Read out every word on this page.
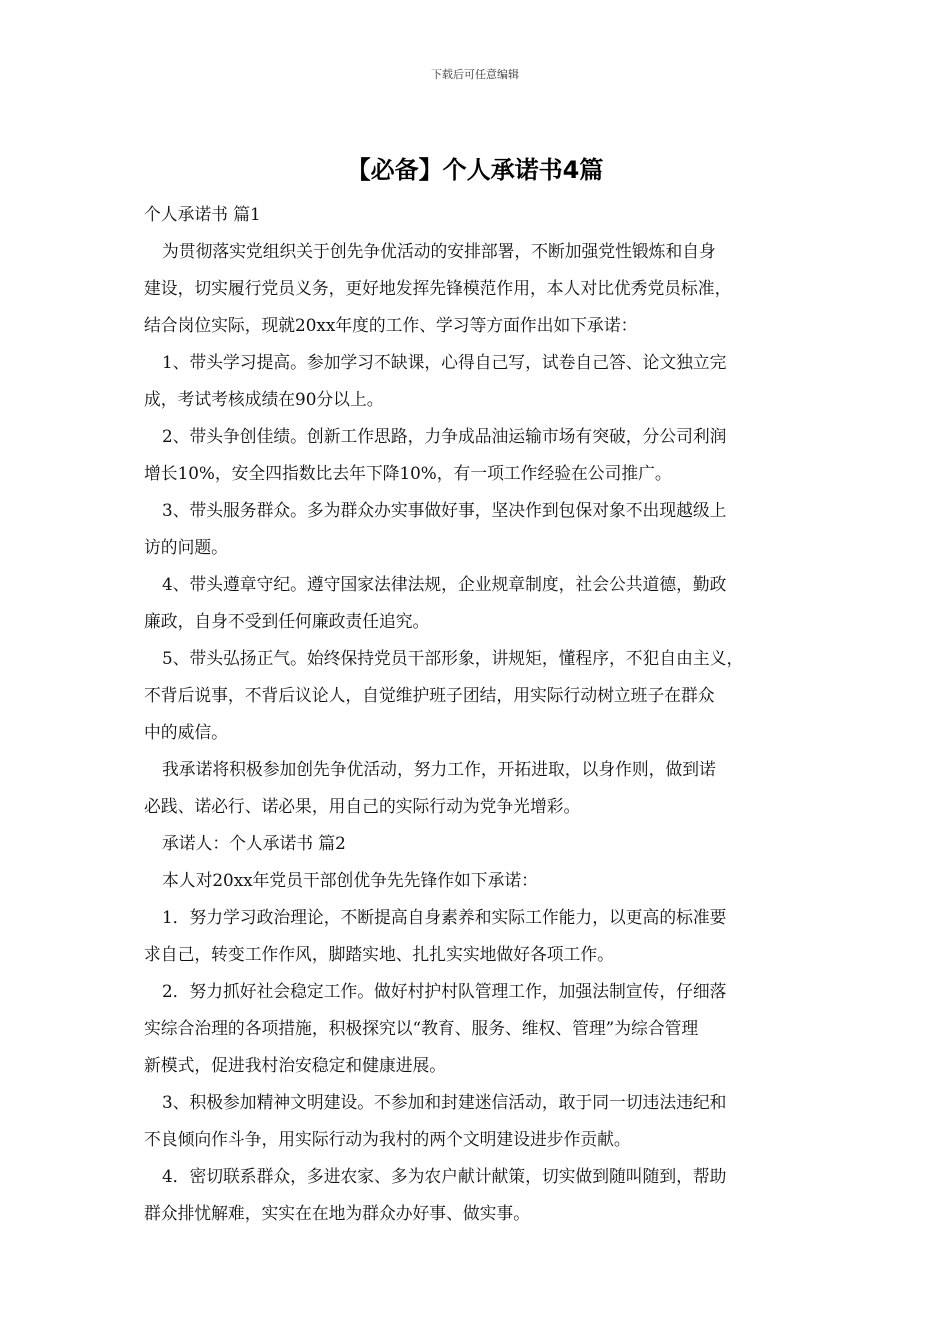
下载后可任意编辑
【必备】个人承诺书4篇
个人承诺书 篇1
为贯彻落实党组织关于创先争优活动的安排部署，不断加强党性锻炼和自身
建设，切实履行党员义务，更好地发挥先锋模范作用，本人对比优秀党员标准，
结合岗位实际，现就20xx年度的工作、学习等方面作出如下承诺：
1、带头学习提高。参加学习不缺课，心得自己写，试卷自己答、论文独立完
成，考试考核成绩在90分以上。
2、带头争创佳绩。创新工作思路，力争成品油运输市场有突破，分公司利润
增长10%，安全四指数比去年下降10%，有一项工作经验在公司推广。
3、带头服务群众。多为群众办实事做好事，坚决作到包保对象不出现越级上
访的问题。
4、带头遵章守纪。遵守国家法律法规，企业规章制度，社会公共道德，勤政
廉政，自身不受到任何廉政责任追究。
5、带头弘扬正气。始终保持党员干部形象，讲规矩，懂程序，不犯自由主义，
不背后说事，不背后议论人，自觉维护班子团结，用实际行动树立班子在群众
中的威信。
我承诺将积极参加创先争优活动，努力工作，开拓进取，以身作则，做到诺
必践、诺必行、诺必果，用自己的实际行动为党争光增彩。
承诺人：个人承诺书 篇2
本人对20xx年党员干部创优争先先锋作如下承诺：
1．努力学习政治理论，不断提高自身素养和实际工作能力，以更高的标准要
求自己，转变工作作风，脚踏实地、扎扎实实地做好各项工作。
2．努力抓好社会稳定工作。做好村护村队管理工作，加强法制宣传，仔细落
实综合治理的各项措施，积极探究以“教育、服务、维权、管理”为综合管理
新模式，促进我村治安稳定和健康进展。
3、积极参加精神文明建设。不参加和封建迷信活动，敢于同一切违法违纪和
不良倾向作斗争，用实际行动为我村的两个文明建设进步作贡献。
4．密切联系群众，多进农家、多为农户献计献策，切实做到随叫随到，帮助
群众排忧解难，实实在在地为群众办好事、做实事。
